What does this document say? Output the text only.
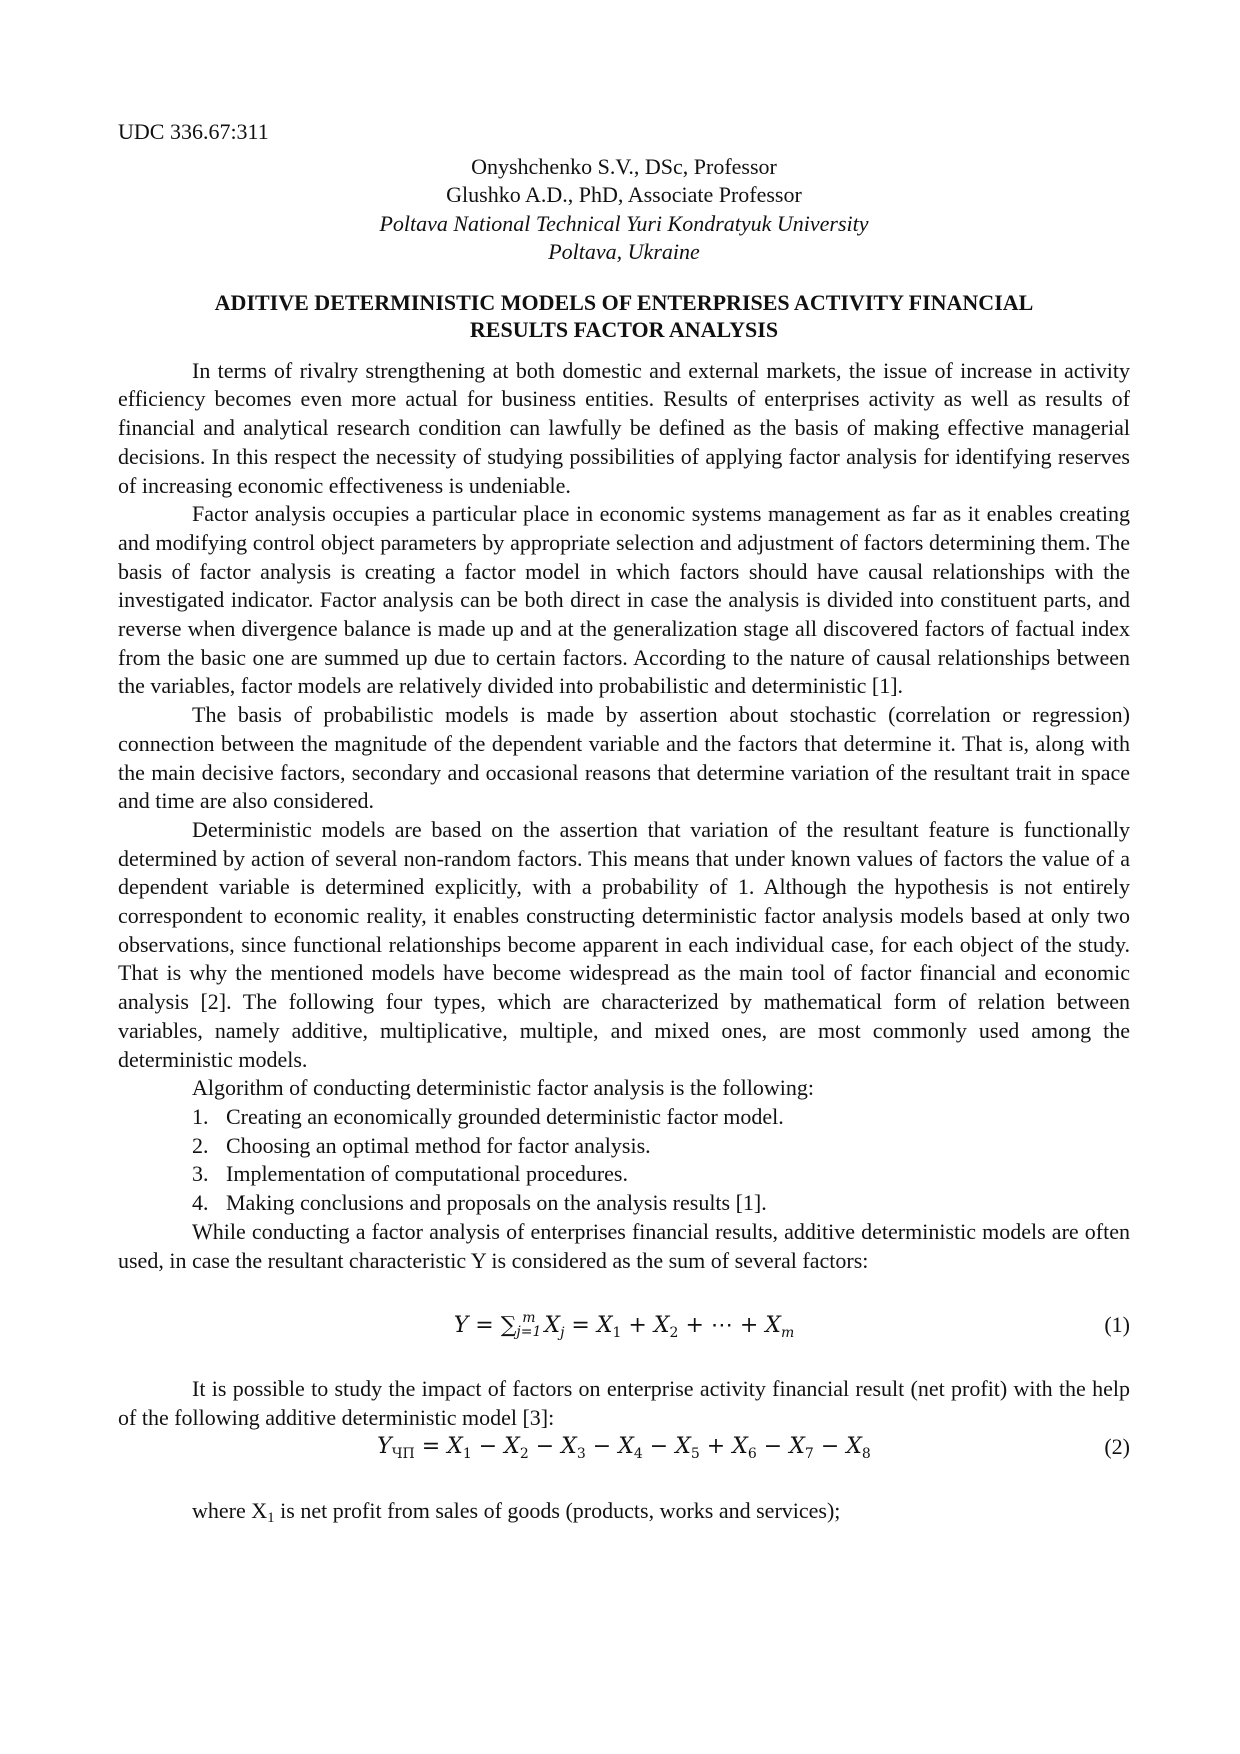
UDC 336.67:311
Onyshchenko S.V., DSc, Professor
Glushko A.D., PhD, Associate Professor
Poltava National Technical Yuri Kondratyuk University
Poltava, Ukraine
ADITIVE DETERMINISTIC MODELS OF ENTERPRISES ACTIVITY FINANCIAL
RESULTS FACTOR ANALYSIS

In terms of rivalry strengthening at both domestic and external markets, the issue of increase in activity efficiency becomes even more actual for business entities. Results of enterprises activity as well as results of financial and analytical research condition can lawfully be defined as the basis of making effective managerial decisions. In this respect the necessity of studying possibilities of applying factor analysis for identifying reserves of increasing economic effectiveness is undeniable.

Factor analysis occupies a particular place in economic systems management as far as it enables creating and modifying control object parameters by appropriate selection and adjustment of factors determining them. The basis of factor analysis is creating a factor model in which factors should have causal relationships with the investigated indicator. Factor analysis can be both direct in case the analysis is divided into constituent parts, and reverse when divergence balance is made up and at the generalization stage all discovered factors of factual index from the basic one are summed up due to certain factors. According to the nature of causal relationships between the variables, factor models are relatively divided into probabilistic and deterministic [1].

The basis of probabilistic models is made by assertion about stochastic (correlation or regression) connection between the magnitude of the dependent variable and the factors that determine it. That is, along with the main decisive factors, secondary and occasional reasons that determine variation of the resultant trait in space and time are also considered.

Deterministic models are based on the assertion that variation of the resultant feature is functionally determined by action of several non-random factors. This means that under known values of factors the value of a dependent variable is determined explicitly, with a probability of 1. Although the hypothesis is not entirely correspondent to economic reality, it enables constructing deterministic factor analysis models based at only two observations, since functional relationships become apparent in each individual case, for each object of the study. That is why the mentioned models have become widespread as the main tool of factor financial and economic analysis [2]. The following four types, which are characterized by mathematical form of relation between variables, namely additive, multiplicative, multiple, and mixed ones, are most commonly used among the deterministic models.

Algorithm of conducting deterministic factor analysis is the following:

1. Creating an economically grounded deterministic factor model.
2. Choosing an optimal method for factor analysis.
3. Implementation of computational procedures.
4. Making conclusions and proposals on the analysis results [1].

While conducting a factor analysis of enterprises financial results, additive deterministic models are often used, in case the resultant characteristic Y is considered as the sum of several factors:

Y = ∑ m
j=1 $X_j = X_1 + X_2$ + ⋯ + $X_m$	(1)

It is possible to study the impact of factors on enterprise activity financial result (net profit) with the help of the following additive deterministic model [3]:

$Y_{ЧП} = X_1 - X_2 - X_3 - X_4 - X_5 + X_6 - X_7 - X_8$	(2)

where X1 is net profit from sales of goods (products, works and services);
